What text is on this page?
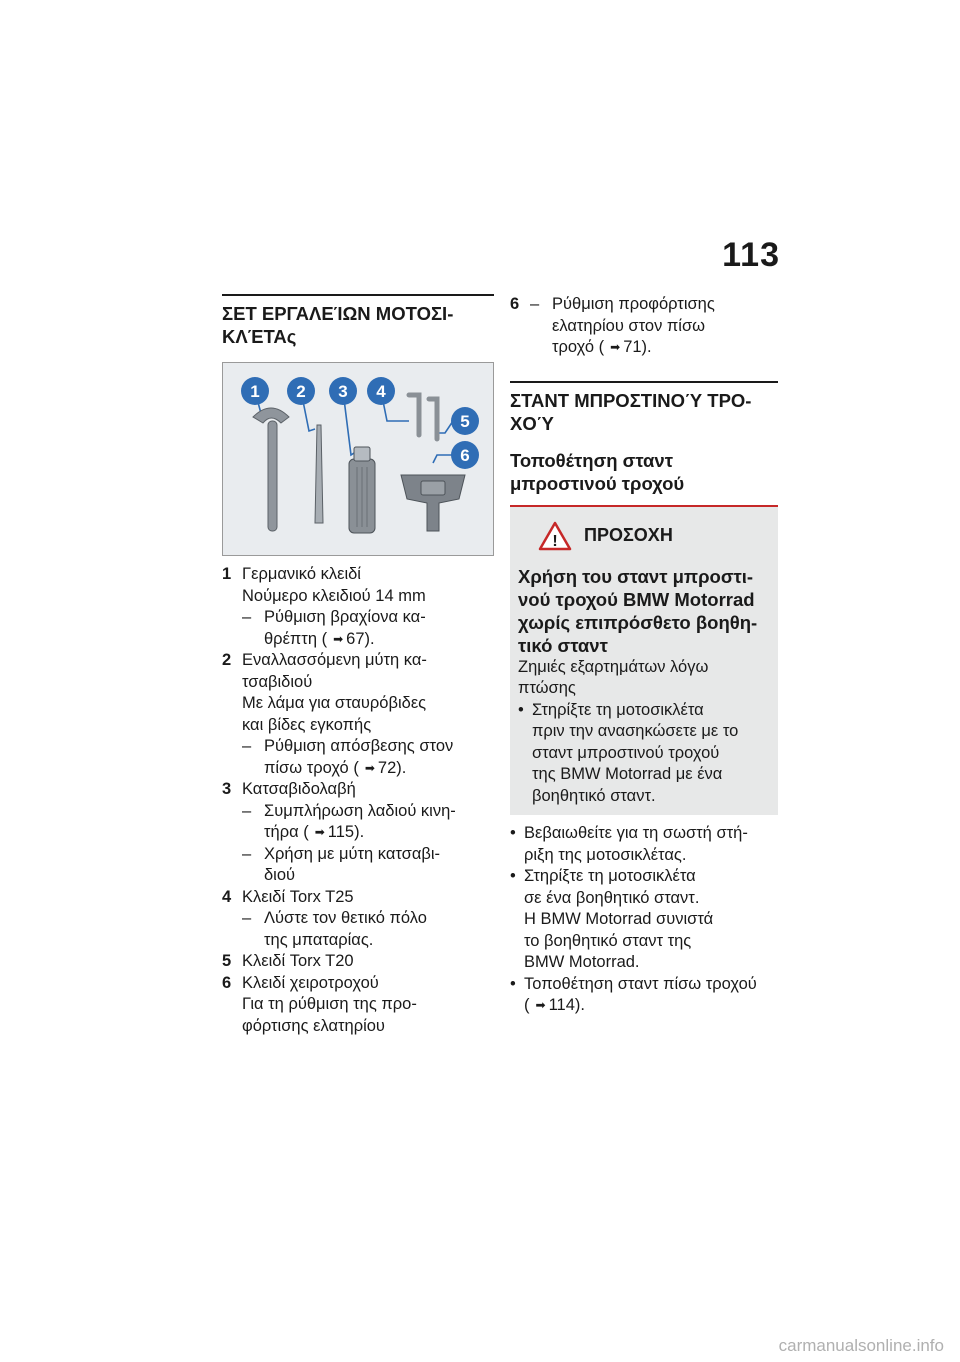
113
ΣΕΤ ΕΡΓΑΛΕΊΩΝ ΜΟΤΟΣΙ-
ΚΛΈΤΑς
1 2 3 4
5
6
1 Γερμανικό κλειδί
Νούμερο κλειδιού 14 mm
– Ρύθμιση βραχίονα κα-
θρέπτη ( ➡ 67).
2 Εναλλασσόμενη μύτη κα-
τσαβιδιού
Με λάμα για σταυρόβιδες
και βίδες εγκοπής
– Ρύθμιση απόσβεσης στον
πίσω τροχό ( ➡ 72).
3 Κατσαβιδολαβή
– Συμπλήρωση λαδιού κινη-
τήρα ( ➡ 115).
– Χρήση με μύτη κατσαβι-
διού
4 Κλειδί Torx T25
– Λύστε τον θετικό πόλο
της μπαταρίας.
5 Κλειδί Torx T20
6 Κλειδί χειροτροχού
Για τη ρύθμιση της προ-
φόρτισης ελατηρίου
6 – Ρύθμιση προφόρτισης
ελατηρίου στον πίσω
τροχό ( ➡ 71).
ΣΤΑΝΤ ΜΠΡΟΣΤΙΝΟΎ ΤΡΟ-
ΧΟΎ
Τοποθέτηση σταντ
μπροστινού τροχού
! ΠΡΟΣΟΧΗ
Χρήση του σταντ μπροστι-
νού τροχού BMW Motorrad
χωρίς επιπρόσθετο βοηθη-
τικό σταντ
Ζημιές εξαρτημάτων λόγω
πτώσης
• Στηρίξτε τη μοτοσικλέτα
πριν την ανασηκώσετε με το
σταντ μπροστινού τροχού
της BMW Motorrad με ένα
βοηθητικό σταντ.
• Βεβαιωθείτε για τη σωστή στή-
ριξη της μοτοσικλέτας.
• Στηρίξτε τη μοτοσικλέτα
σε ένα βοηθητικό σταντ.
Η BMW Motorrad συνιστά
το βοηθητικό σταντ της
BMW Motorrad.
• Τοποθέτηση σταντ πίσω τροχού
( ➡ 114).
carmanualsonline.info
